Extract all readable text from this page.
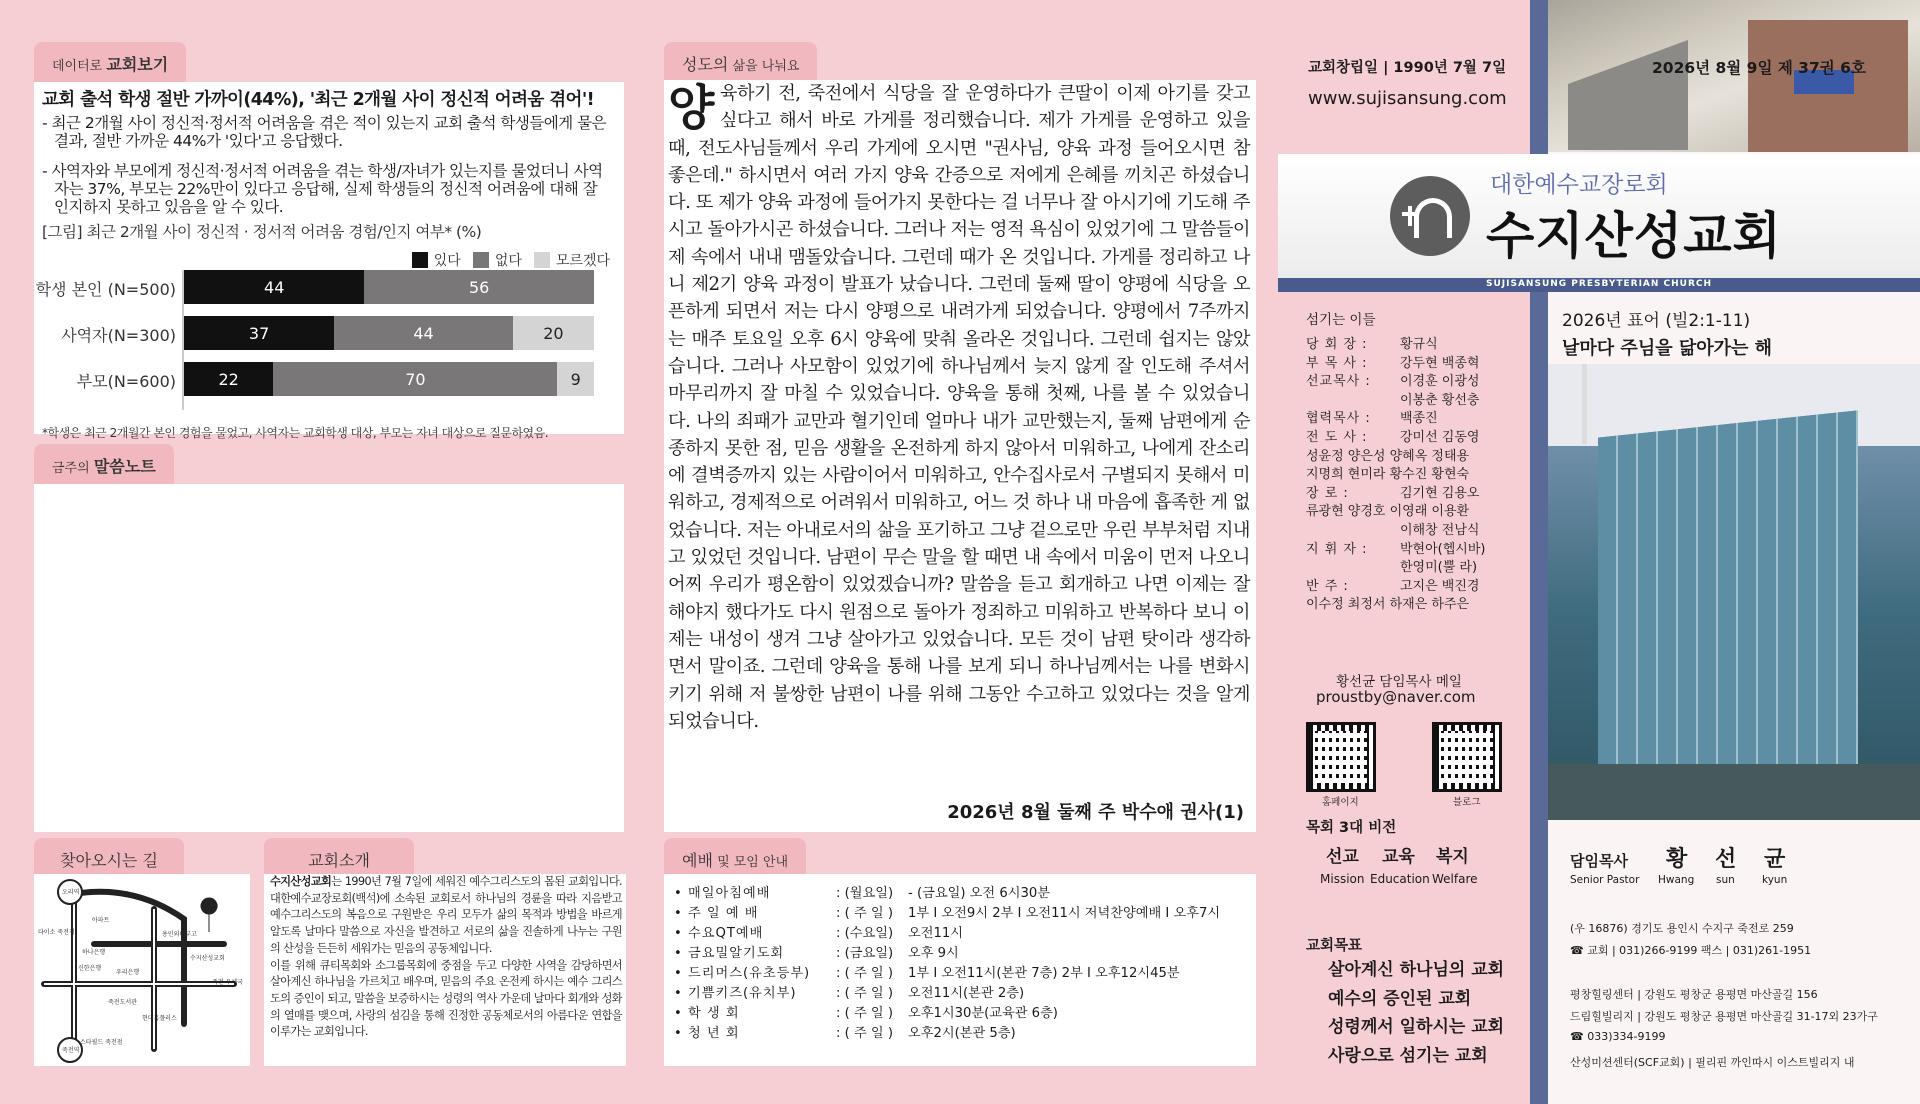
데이터로 교회보기
교회 출석 학생 절반 가까이(44%), '최근 2개월 사이 정신적 어려움 겪어'!
- 최근 2개월 사이 정신적·정서적 어려움을 겪은 적이 있는지 교회 출석 학생들에게 물은 결과, 절반 가까운 44%가 '있다'고 응답했다.
- 사역자와 부모에게 정신적·정서적 어려움을 겪는 학생/자녀가 있는지를 물었더니 사역자는 37%, 부모는 22%만이 있다고 응답해, 실제 학생들의 정신적 어려움에 대해 잘 인지하지 못하고 있음을 알 수 있다.
[그림] 최근 2개월 사이 정신적 · 정서적 어려움 경험/인지 여부* (%)
있다	없다	모르겠다
학생 본인 (N=500)	44	56
사역자(N=300)	37	44	20
부모(N=600)	22	70	9
*학생은 최근 2개월간 본인 경험을 물었고, 사역자는 교회학생 대상, 부모는 자녀 대상으로 질문하였음.
금주의 말씀노트
찾아오시는 길
오리역
다이소 죽전점
하나은행
아파트
용인외대부고
우리은행
죽전도서관
신한은행
수지산성교회
현대홈플러스
스타필드 죽전점
죽전 우체국
죽전역
교회소개
수지산성교회는 1990년 7월 7일에 세워진 예수그리스도의 몸된 교회입니다. 대한예수교장로회(백석)에 소속된 교회로서 하나님의 경륜을 따라 지음받고 예수그리스도의 복음으로 구원받은 우리 모두가 삶의 목적과 방법을 바르게 알도록 날마다 말씀으로 자신을 발견하고 서로의 삶을 진솔하게 나누는 구원의 산성을 든든히 세워가는 믿음의 공동체입니다.
이를 위해 큐티목회와 소그룹목회에 중점을 두고 다양한 사역을 감당하면서 살아계신 하나님을 가르치고 배우며, 믿음의 주요 온전케 하시는 예수 그리스도의 증인이 되고, 말씀을 보증하시는 성령의 역사 가운데 날마다 회개와 성화의 열매를 맺으며, 사랑의 섬김을 통해 진정한 공동체로서의 아름다운 연합을 이루가는 교회입니다.
성도의 삶을 나눠요
양육하기 전, 죽전에서 식당을 잘 운영하다가 큰딸이 이제 아기를 갖고 싶다고 해서 바로 가게를 정리했습니다. 제가 가게를 운영하고 있을 때, 전도사님들께서 우리 가게에 오시면 "권사님, 양육 과정 들어오시면 참 좋은데." 하시면서 여러 가지 양육 간증으로 저에게 은혜를 끼치곤 하셨습니다. 또 제가 양육 과정에 들어가지 못한다는 걸 너무나 잘 아시기에 기도해 주시고 돌아가시곤 하셨습니다. 그러나 저는 영적 욕심이 있었기에 그 말씀들이 제 속에서 내내 맴돌았습니다. 그런데 때가 온 것입니다. 가게를 정리하고 나니 제2기 양육 과정이 발표가 났습니다. 그런데 둘째 딸이 양평에 식당을 오픈하게 되면서 저는 다시 양평으로 내려가게 되었습니다. 양평에서 7주까지는 매주 토요일 오후 6시 양육에 맞춰 올라온 것입니다. 그런데 쉽지는 않았습니다. 그러나 사모함이 있었기에 하나님께서 늦지 않게 잘 인도해 주셔서 마무리까지 잘 마칠 수 있었습니다. 양육을 통해 첫째, 나를 볼 수 있었습니다. 나의 죄패가 교만과 혈기인데 얼마나 내가 교만했는지, 둘째 남편에게 순종하지 못한 점, 믿음 생활을 온전하게 하지 않아서 미워하고, 나에게 잔소리에 결벽증까지 있는 사람이어서 미워하고, 안수집사로서 구별되지 못해서 미워하고, 경제적으로 어려워서 미워하고, 어느 것 하나 내 마음에 흡족한 게 없었습니다. 저는 아내로서의 삶을 포기하고 그냥 겉으로만 우린 부부처럼 지내고 있었던 것입니다. 남편이 무슨 말을 할 때면 내 속에서 미움이 먼저 나오니 어찌 우리가 평온함이 있었겠습니까? 말씀을 듣고 회개하고 나면 이제는 잘해야지 했다가도 다시 원점으로 돌아가 정죄하고 미워하고 반복하다 보니 이제는 내성이 생겨 그냥 살아가고 있었습니다. 모든 것이 남편 탓이라 생각하면서 말이죠. 그런데 양육을 통해 나를 보게 되니 하나님께서는 나를 변화시키기 위해 저 불쌍한 남편이 나를 위해 그동안 수고하고 있었다는 것을 알게 되었습니다.
2026년 8월 둘째 주 박수애 권사(1)
예배 및 모임 안내
• 매일아침예배	: (월요일) - (금요일) 오전 6시30분
• 주 일 예 배	: ( 주 일 ) 1부 I 오전9시 2부 I 오전11시 저녁찬양예배 I 오후7시
• 수요QT예배	: (수요일) 오전11시
• 금요밀알기도회	: (금요일) 오후 9시
• 드리머스(유초등부)	: ( 주 일 ) 1부 I 오전11시(본관 7층) 2부 I 오후12시45분
• 기쁨키즈(유치부)	: ( 주 일 ) 오전11시(본관 2층)
• 학 생 회	: ( 주 일 ) 오후1시30분(교육관 6층)
• 청 년 회	: ( 주 일 ) 오후2시(본관 5층)
교회창립일 | 1990년 7월 7일
www.sujisansung.com
2026년 8월 9일 제 37권 6호
대한예수교장로회
수지산성교회
SUJISANSUNG PRESBYTERIAN CHURCH
2026년 표어 (빌2:1-11)
날마다 주님을 닮아가는 해
섬기는 이들
당 회 장 :	황규식
부 목 사 :	강두현 백종혁
선교목사 :	이경훈 이광성
이봉춘 황선충
협력목사 :	백종진
전 도 사 :	강미선 김동영
성윤정 양은성 양혜옥 정태용
지명희 현미라 황수진 황현숙
장 로 :	김기현 김용오
류광현 양경호 이영래 이용환
이해창 전남식
지 휘 자 :	박현아(헵시바)
한영미(뿔 라)
반 주 :	고지은 백진경
이수정 최정서 하재은 하주은
황선균 담임목사 메일
proustby@naver.com
홈페이지	블로그
목회 3대 비전
선교 교육 복지
Mission Education Welfare
교회목표
살아계신 하나님의 교회
예수의 증인된 교회
성령께서 일하시는 교회
사랑으로 섬기는 교회
담임목사
Senior Pastor
황 선 균
Hwang sun	kyun
(우 16876) 경기도 용인시 수지구 죽전로 259
☎ 교회 | 031)266-9199 팩스 | 031)261-1951
평창힐링센터 | 강원도 평창군 용평면 마산골길 156
드림힐빌리지 | 강원도 평창군 용평면 마산골길 31-17외 23가구
☎ 033)334-9199
산성미션센터(SCF교회) | 필리핀 까인따시 이스트빌리지 내
